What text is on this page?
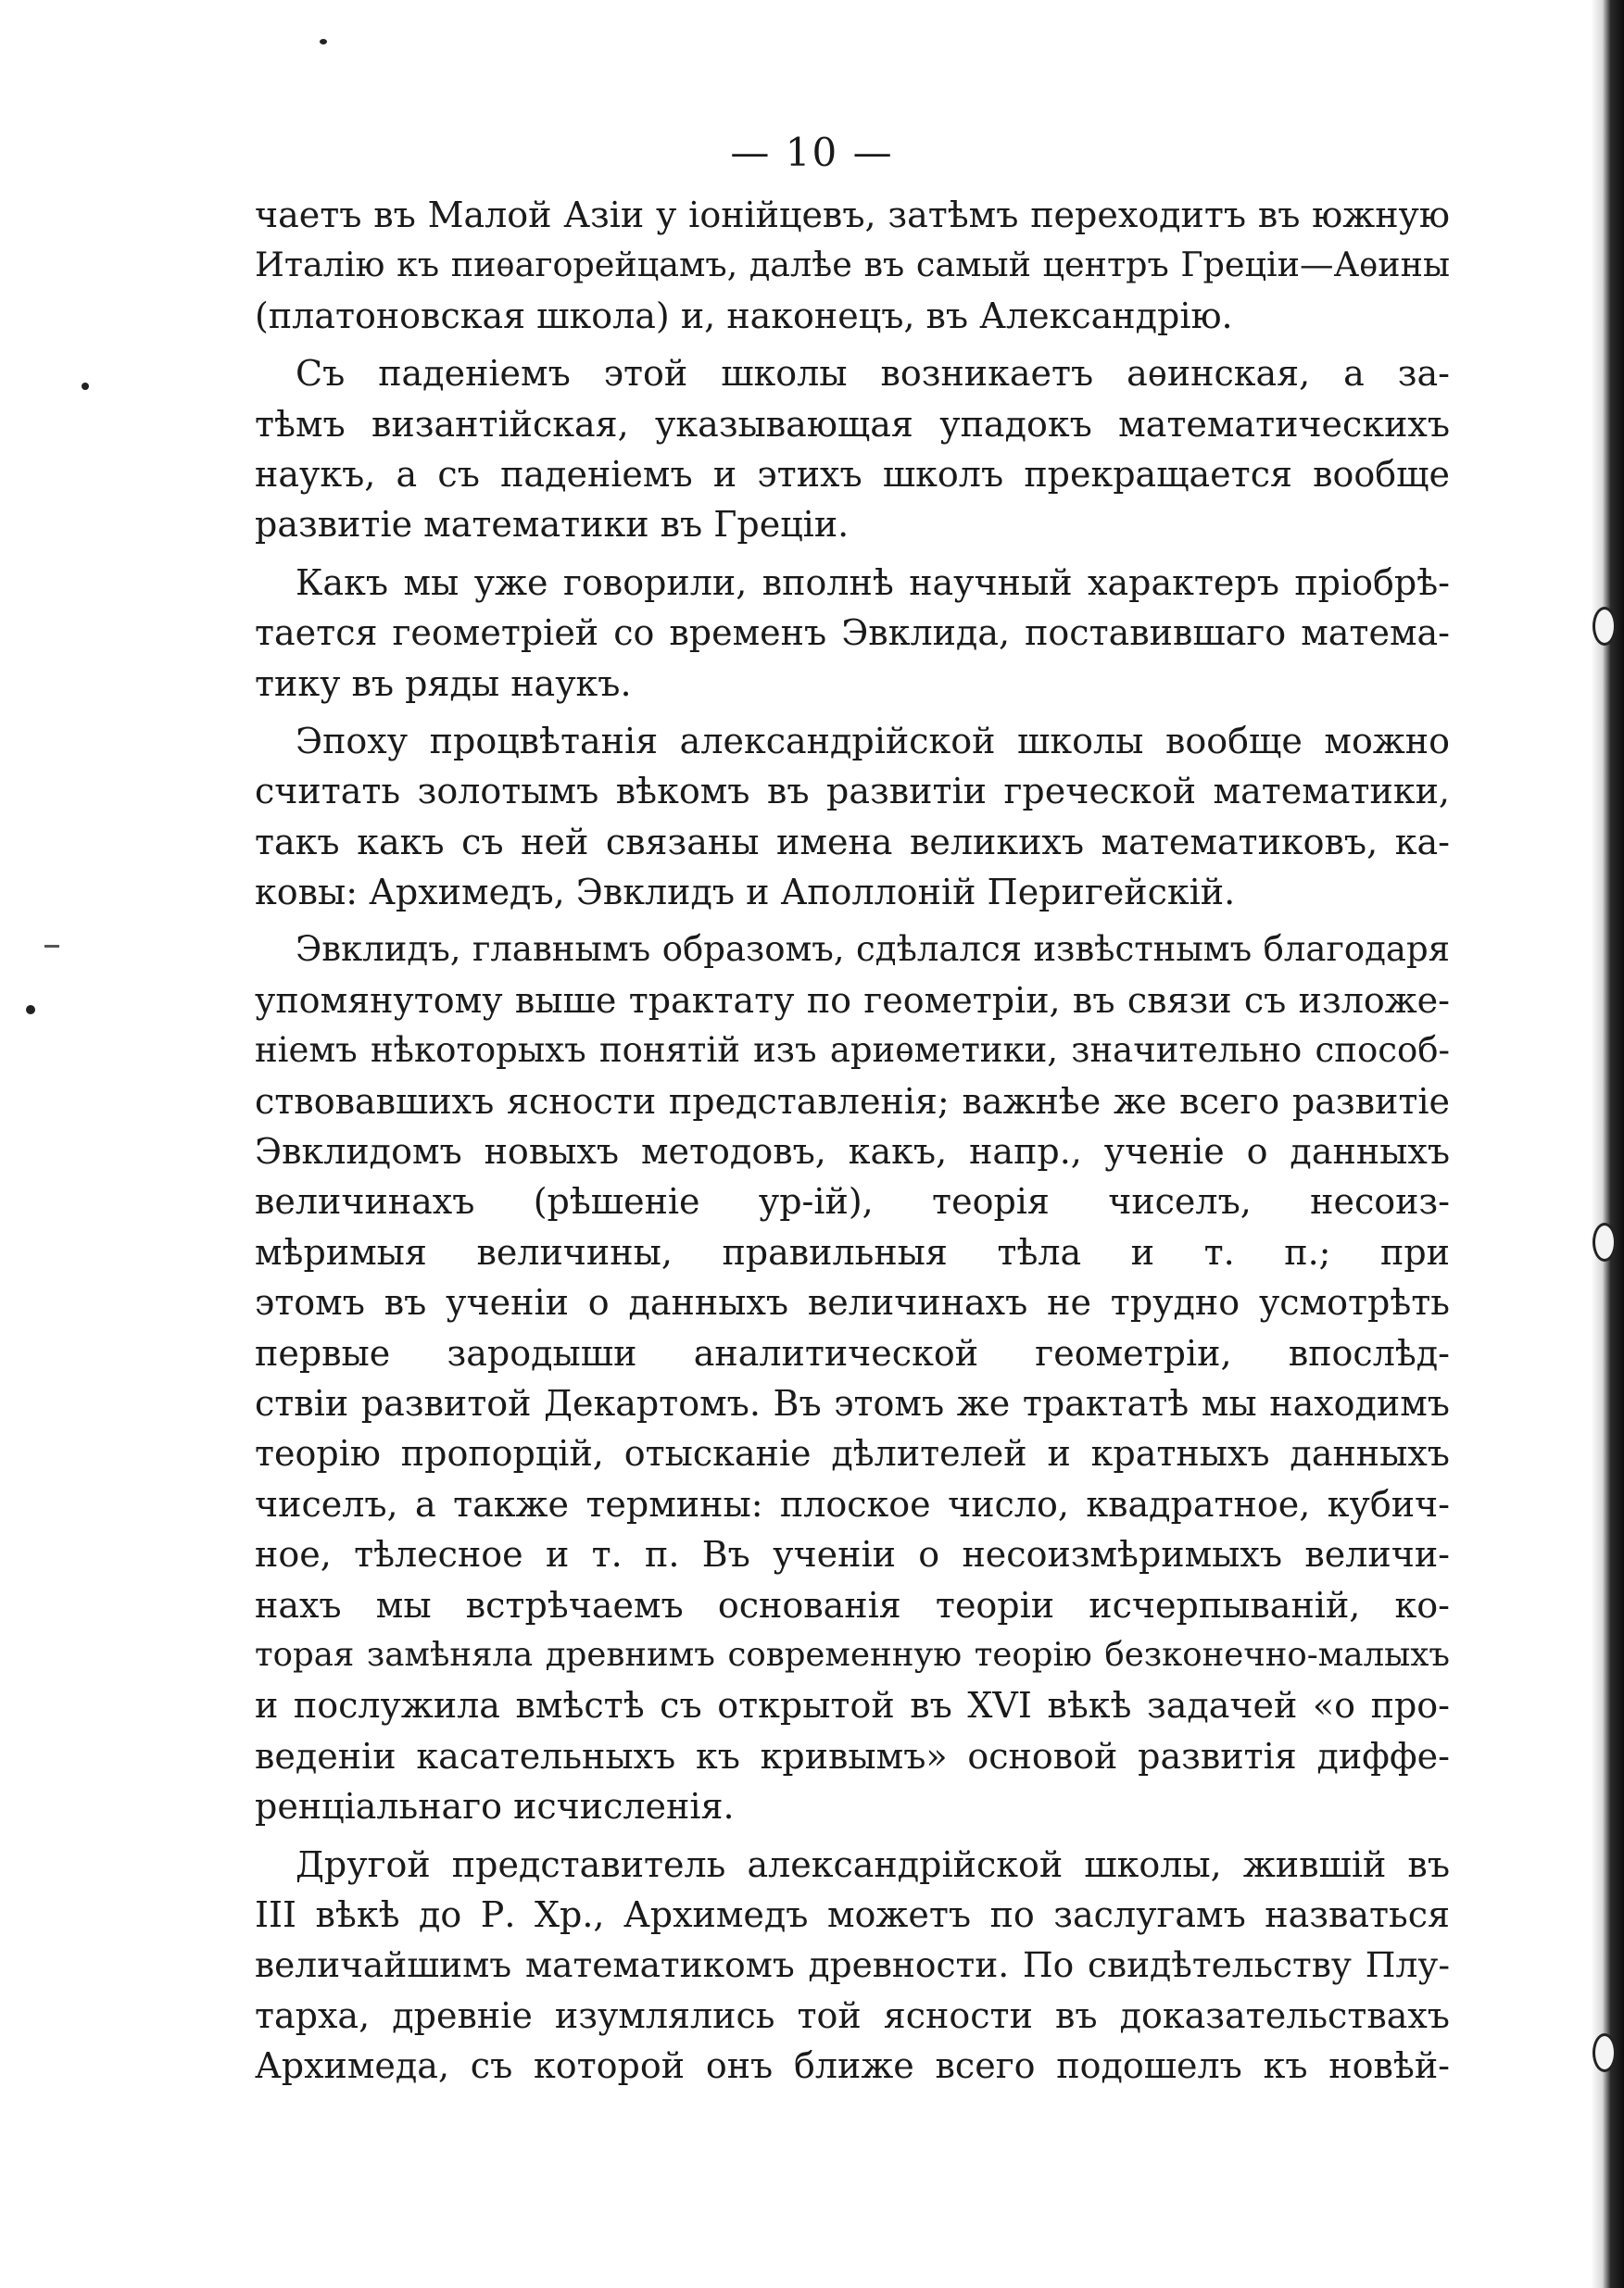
— 10 —
чаетъ въ Малой Азіи у іонійцевъ, затѣмъ переходитъ въ южную
Италію къ пиѳагорейцамъ, далѣе въ самый центръ Греціи—Аѳины
(платоновская школа) и, наконецъ, въ Александрію.
Съ паденіемъ этой школы возникаетъ аѳинская, а за-
тѣмъ византійская, указывающая упадокъ математическихъ
наукъ, а съ паденіемъ и этихъ школъ прекращается вообще
развитіе математики въ Греціи.
Какъ мы уже говорили, вполнѣ научный характеръ пріобрѣ-
тается геометріей со временъ Эвклида, поставившаго матема-
тику въ ряды наукъ.
Эпоху процвѣтанія александрійской школы вообще можно
считать золотымъ вѣкомъ въ развитіи греческой математики,
такъ какъ съ ней связаны имена великихъ математиковъ, ка-
ковы: Архимедъ, Эвклидъ и Аполлоній Перигейскій.
Эвклидъ, главнымъ образомъ, сдѣлался извѣстнымъ благодаря
упомянутому выше трактату по геометріи, въ связи съ изложе-
ніемъ нѣкоторыхъ понятій изъ ариѳметики, значительно способ-
ствовавшихъ ясности представленія; важнѣе же всего развитіе
Эвклидомъ новыхъ методовъ, какъ, напр., ученіе о данныхъ
величинахъ (рѣшеніе ур-ій), теорія чиселъ, несоиз-
мѣримыя величины, правильныя тѣла и т. п.; при
этомъ въ ученіи о данныхъ величинахъ не трудно усмотрѣть
первые зародыши аналитической геометріи, впослѣд-
ствіи развитой Декартомъ. Въ этомъ же трактатѣ мы находимъ
теорію пропорцій, отысканіе дѣлителей и кратныхъ данныхъ
чиселъ, а также термины: плоское число, квадратное, кубич-
ное, тѣлесное и т. п. Въ ученіи о несоизмѣримыхъ величи-
нахъ мы встрѣчаемъ основанія теоріи исчерпываній, ко-
торая замѣняла древнимъ современную теорію безконечно-малыхъ
и послужила вмѣстѣ съ открытой въ XVI вѣкѣ задачей «о про-
веденіи касательныхъ къ кривымъ» основой развитія диффе-
ренціальнаго исчисленія.
Другой представитель александрійской школы, жившій въ
III вѣкѣ до Р. Хр., Архимедъ можетъ по заслугамъ назваться
величайшимъ математикомъ древности. По свидѣтельству Плу-
тарха, древніе изумлялись той ясности въ доказательствахъ
Архимеда, съ которой онъ ближе всего подошелъ къ новѣй-
